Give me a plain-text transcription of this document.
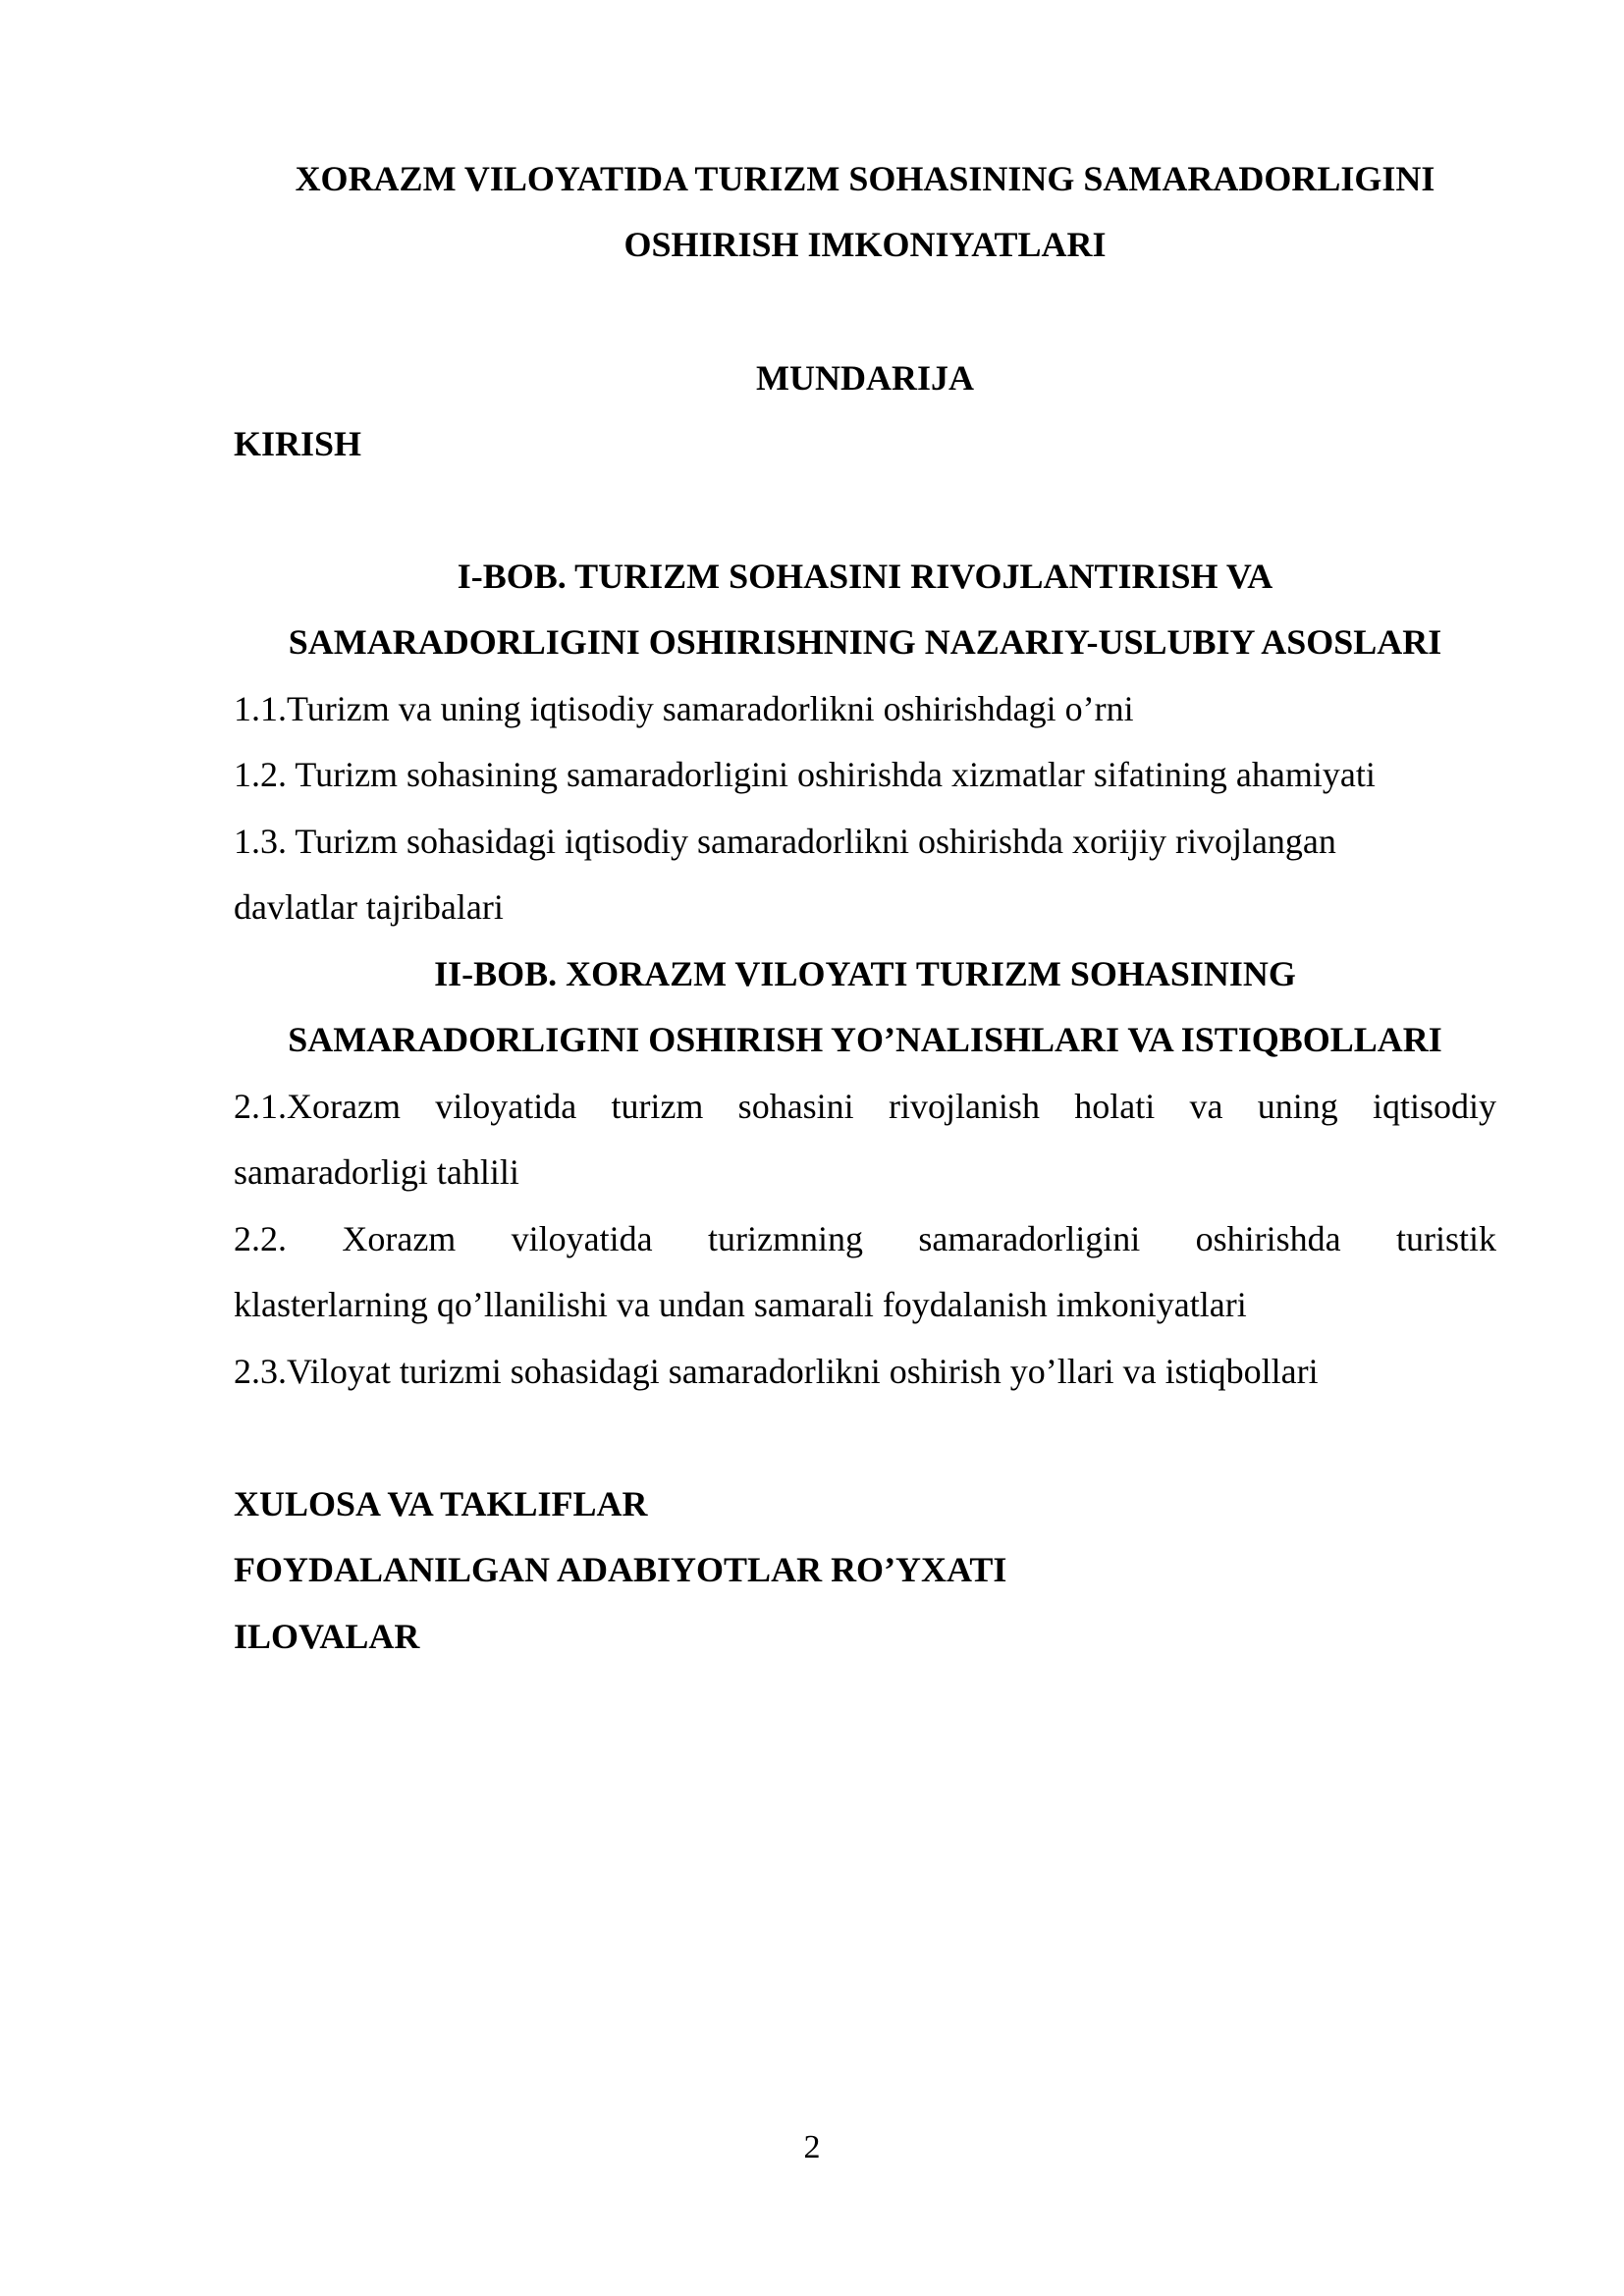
XORAZM VILOYATIDA TURIZM SOHASINING SAMARADORLIGINI
OSHIRISH IMKONIYATLARI
MUNDARIJA
KIRISH
I-BOB. TURIZM SOHASINI RIVOJLANTIRISH VA
SAMARADORLIGINI OSHIRISHNING NAZARIY-USLUBIY ASOSLARI
1.1.Turizm va uning iqtisodiy samaradorlikni oshirishdagi o’rni
1.2. Turizm sohasining samaradorligini oshirishda xizmatlar sifatining ahamiyati
1.3. Turizm sohasidagi iqtisodiy samaradorlikni oshirishda xorijiy rivojlangan
davlatlar tajribalari
II-BOB. XORAZM VILOYATI TURIZM SOHASINING
SAMARADORLIGINI OSHIRISH YO’NALISHLARI VA ISTIQBOLLARI
2.1.Xorazm viloyatida turizm sohasini rivojlanish holati va uning iqtisodiy
samaradorligi tahlili
2.2. Xorazm viloyatida turizmning samaradorligini oshirishda turistik
klasterlarning qo’llanilishi va undan samarali foydalanish imkoniyatlari
2.3.Viloyat turizmi sohasidagi samaradorlikni oshirish yo’llari va istiqbollari
XULOSA VA TAKLIFLAR
FOYDALANILGAN ADABIYOTLAR RO’YXATI
ILOVALAR
2
